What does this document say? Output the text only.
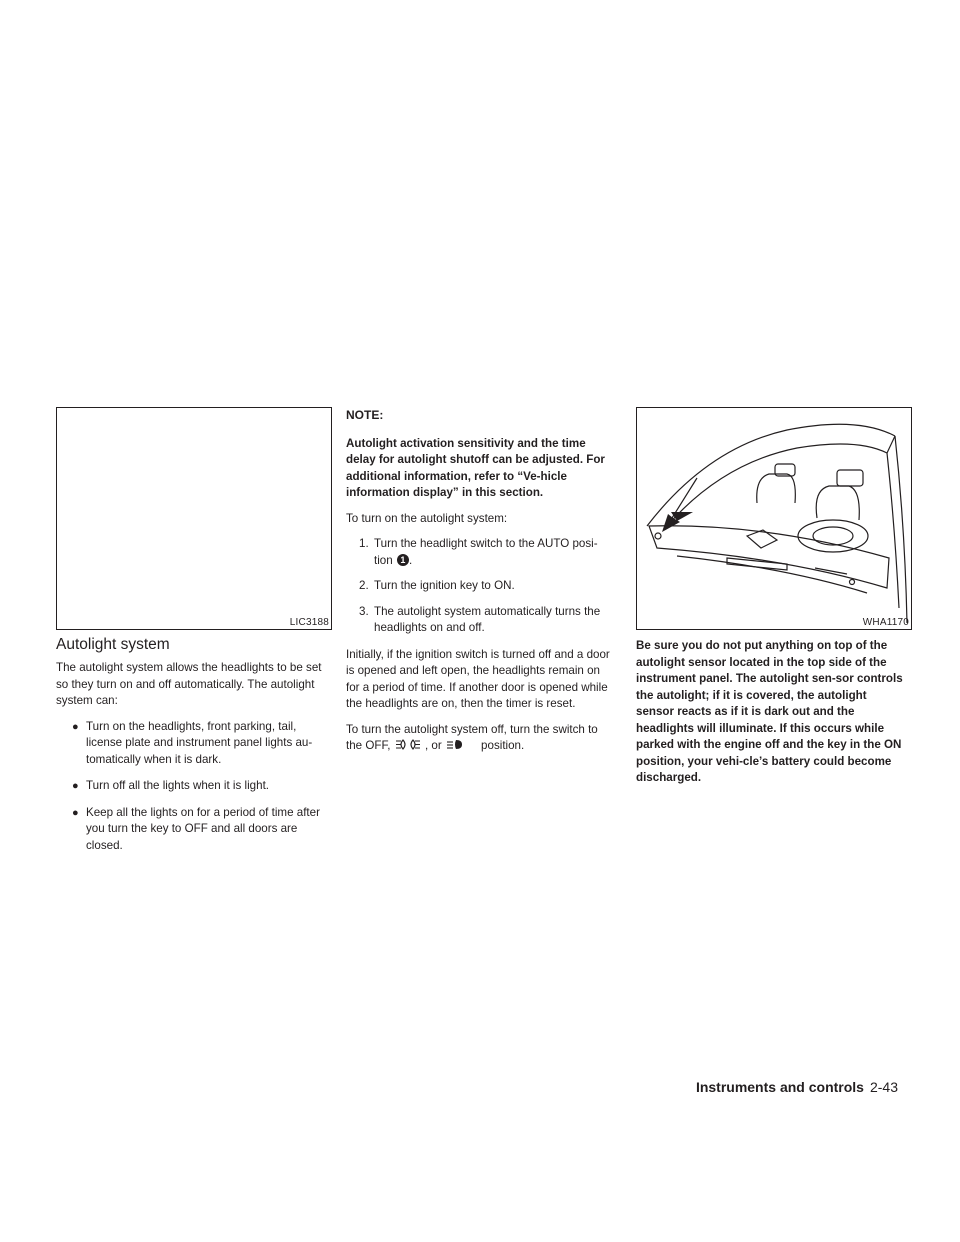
LIC3188
Autolight system

The autolight system allows the headlights to be set so they turn on and off automatically. The autolight system can:

● Turn on the headlights, front parking, tail, license plate and instrument panel lights au-tomatically when it is dark.
● Turn off all the lights when it is light.
● Keep all the lights on for a period of time after you turn the key to OFF and all doors are closed.

NOTE:

Autolight activation sensitivity and the time delay for autolight shutoff can be adjusted. For additional information, refer to “Ve-hicle information display” in this section.

To turn on the autolight system:

1. Turn the headlight switch to the AUTO posi-tion 1 .
2. Turn the ignition key to ON.
3. The autolight system automatically turns the headlights on and off.

Initially, if the ignition switch is turned off and a door is opened and left open, the headlights remain on for a period of time. If another door is opened while the headlights are on, then the timer is reset.

To turn the autolight system off, turn the switch to the OFF,	, or	position.

WHA1170

Be sure you do not put anything on top of the autolight sensor located in the top side of the instrument panel. The autolight sen-sor controls the autolight; if it is covered, the autolight sensor reacts as if it is dark out and the headlights will illuminate. If this occurs while parked with the engine off and the key in the ON position, your vehi-cle’s battery could become discharged.

Instruments and controls 2-43
